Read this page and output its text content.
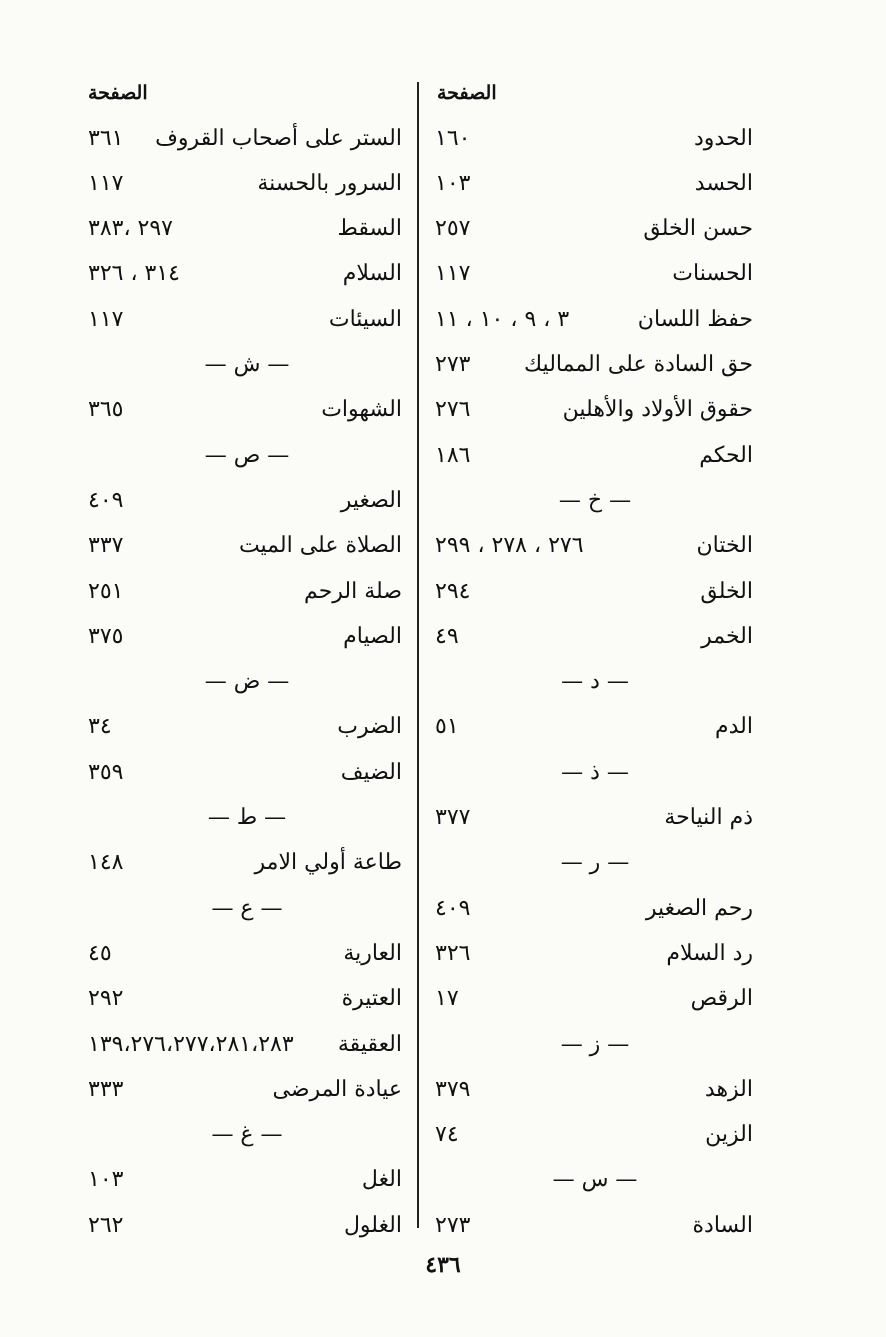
الصفحة
الصفحة
الحدود
١٦٠
الحسد
١٠٣
حسن الخلق
٢٥٧
الحسنات
١١٧
حفظ اللسان
٣ ، ٩ ، ١٠ ، ١١
حق السادة على المماليك
٢٧٣
حقوق الأولاد والأهلين
٢٧٦
الحكم
١٨٦
— خ —
الختان
٢٧٦ ، ٢٧٨ ، ٢٩٩
الخلق
٢٩٤
الخمر
٤٩
— د —
الدم
٥١
— ذ —
ذم النياحة
٣٧٧
— ر —
رحم الصغير
٤٠٩
رد السلام
٣٢٦
الرقص
١٧
— ز —
الزهد
٣٧٩
الزين
٧٤
— س —
السادة
٢٧٣
الستر على أصحاب القروف
٣٦١
السرور بالحسنة
١١٧
السقط
٢٩٧ ،٣٨٣
السلام
٣١٤ ، ٣٢٦
السيئات
١١٧
— ش —
الشهوات
٣٦٥
— ص —
الصغير
٤٠٩
الصلاة على الميت
٣٣٧
صلة الرحم
٢٥١
الصيام
٣٧٥
— ض —
الضرب
٣٤
الضيف
٣٥٩
— ط —
طاعة أولي الامر
١٤٨
— ع —
العارية
٤٥
العتيرة
٢٩٢
العقيقة
١٣٩،٢٧٦،٢٧٧،٢٨١،٢٨٣
عيادة المرضى
٣٣٣
— غ —
الغل
١٠٣
الغلول
٢٦٢
٤٣٦
